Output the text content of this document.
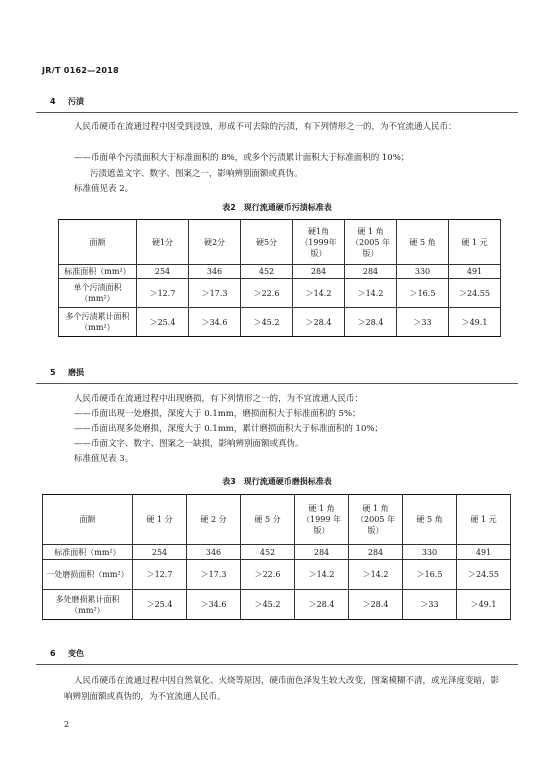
JR/T 0162—2018
4 污渍
人民币硬币在流通过程中因受到浸蚀，形成不可去除的污渍，有下列情形之一的，为不宜流通人民币：
——币面单个污渍面积大于标准面积的 8%，或多个污渍累计面积大于标准面积的 10%；
污渍遮盖文字、数字、图案之一，影响辨别面额或真伪。
标准值见表 2。
表2　现行流通硬币污渍标准表
面额	硬1分	硬2分	硬5分	硬1角（1999年版）	硬 1 角（2005 年版）	硬 5 角	硬 1 元
标准面积（mm²）	254	346	452	284	284	330	491
单个污渍面积（mm²）	＞12.7	＞17.3	＞22.6	＞14.2	＞14.2	＞16.5	＞24.55
多个污渍累计面积（mm²）	＞25.4	＞34.6	＞45.2	＞28.4	＞28.4	＞33	＞49.1
5 磨损
人民币硬币在流通过程中出现磨损，有下列情形之一的，为不宜流通人民币：
——币面出现一处磨损，深度大于 0.1mm，磨损面积大于标准面积的 5%；
——币面出现多处磨损，深度大于 0.1mm，累计磨损面积大于标准面积的 10%；
——币面文字、数字、图案之一缺损，影响辨别面额或真伪。
标准值见表 3。
表3　现行流通硬币磨损标准表
面额	硬 1 分	硬 2 分	硬 5 分	硬 1 角（1999 年版）	硬 1 角（2005 年版）	硬 5 角	硬 1 元
标准面积（mm²）	254	346	452	284	284	330	491
一处磨损面积（mm²）	＞12.7	＞17.3	＞22.6	＞14.2	＞14.2	＞16.5	＞24.55
多处磨损累计面积（mm²）	＞25.4	＞34.6	＞45.2	＞28.4	＞28.4	＞33	＞49.1
6 变色
人民币硬币在流通过程中因自然氧化、火烧等原因，硬币面色泽发生较大改变，图案模糊不清，或光泽度变暗，影响辨别面额或真伪的，为不宜流通人民币。
2
